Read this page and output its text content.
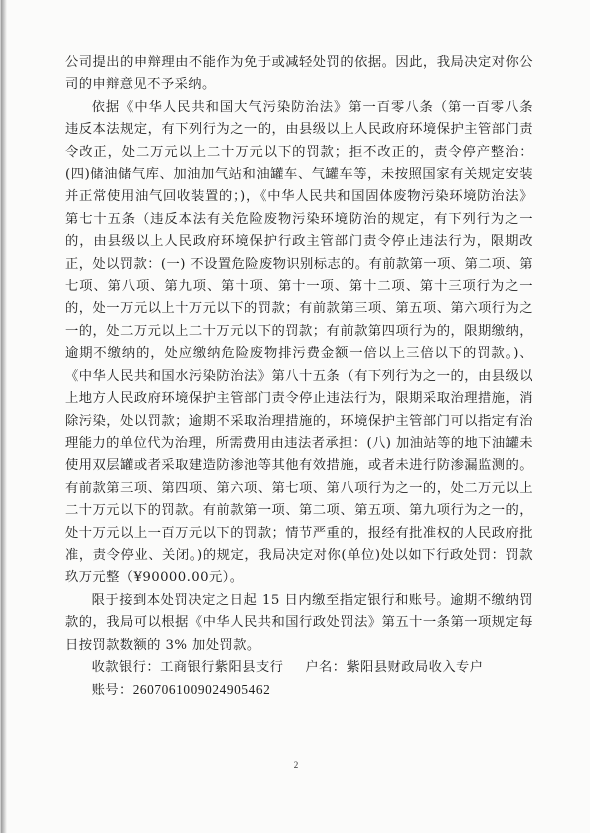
公司提出的申辩理由不能作为免于或减轻处罚的依据。因此，我局决定对你公司的申辩意见不予采纳。

依据《中华人民共和国大气污染防治法》第一百零八条（第一百零八条 违反本法规定，有下列行为之一的，由县级以上人民政府环境保护主管部门责令改正，处二万元以上二十万元以下的罚款；拒不改正的，责令停产整治：(四)储油储气库、加油加气站和油罐车、气罐车等，未按照国家有关规定安装并正常使用油气回收装置的；)，《中华人民共和国固体废物污染环境防治法》第七十五条（违反本法有关危险废物污染环境防治的规定，有下列行为之一的，由县级以上人民政府环境保护行政主管部门责令停止违法行为，限期改正，处以罚款：(一) 不设置危险废物识别标志的。有前款第一项、第二项、第七项、第八项、第九项、第十项、第十一项、第十二项、第十三项行为之一的，处一万元以上十万元以下的罚款；有前款第三项、第五项、第六项行为之一的，处二万元以上二十万元以下的罚款；有前款第四项行为的，限期缴纳，逾期不缴纳的，处应缴纳危险废物排污费金额一倍以上三倍以下的罚款。)、《中华人民共和国水污染防治法》第八十五条（有下列行为之一的，由县级以上地方人民政府环境保护主管部门责令停止违法行为，限期采取治理措施，消除污染，处以罚款；逾期不采取治理措施的，环境保护主管部门可以指定有治理能力的单位代为治理，所需费用由违法者承担：(八) 加油站等的地下油罐未使用双层罐或者采取建造防渗池等其他有效措施，或者未进行防渗漏监测的。有前款第三项、第四项、第六项、第七项、第八项行为之一的，处二万元以上二十万元以下的罚款。有前款第一项、第二项、第五项、第九项行为之一的，处十万元以上一百万元以下的罚款；情节严重的，报经有批准权的人民政府批准，责令停业、关闭。)的规定，我局决定对你(单位)处以如下行政处罚：罚款玖万元整（¥90000.00元）。

限于接到本处罚决定之日起 15 日内缴至指定银行和账号。逾期不缴纳罚款的，我局可以根据《中华人民共和国行政处罚法》第五十一条第一项规定每日按罚款数额的 3% 加处罚款。

收款银行：工商银行紫阳县支行 户名：紫阳县财政局收入专户
账号：2607061009024905462
2
